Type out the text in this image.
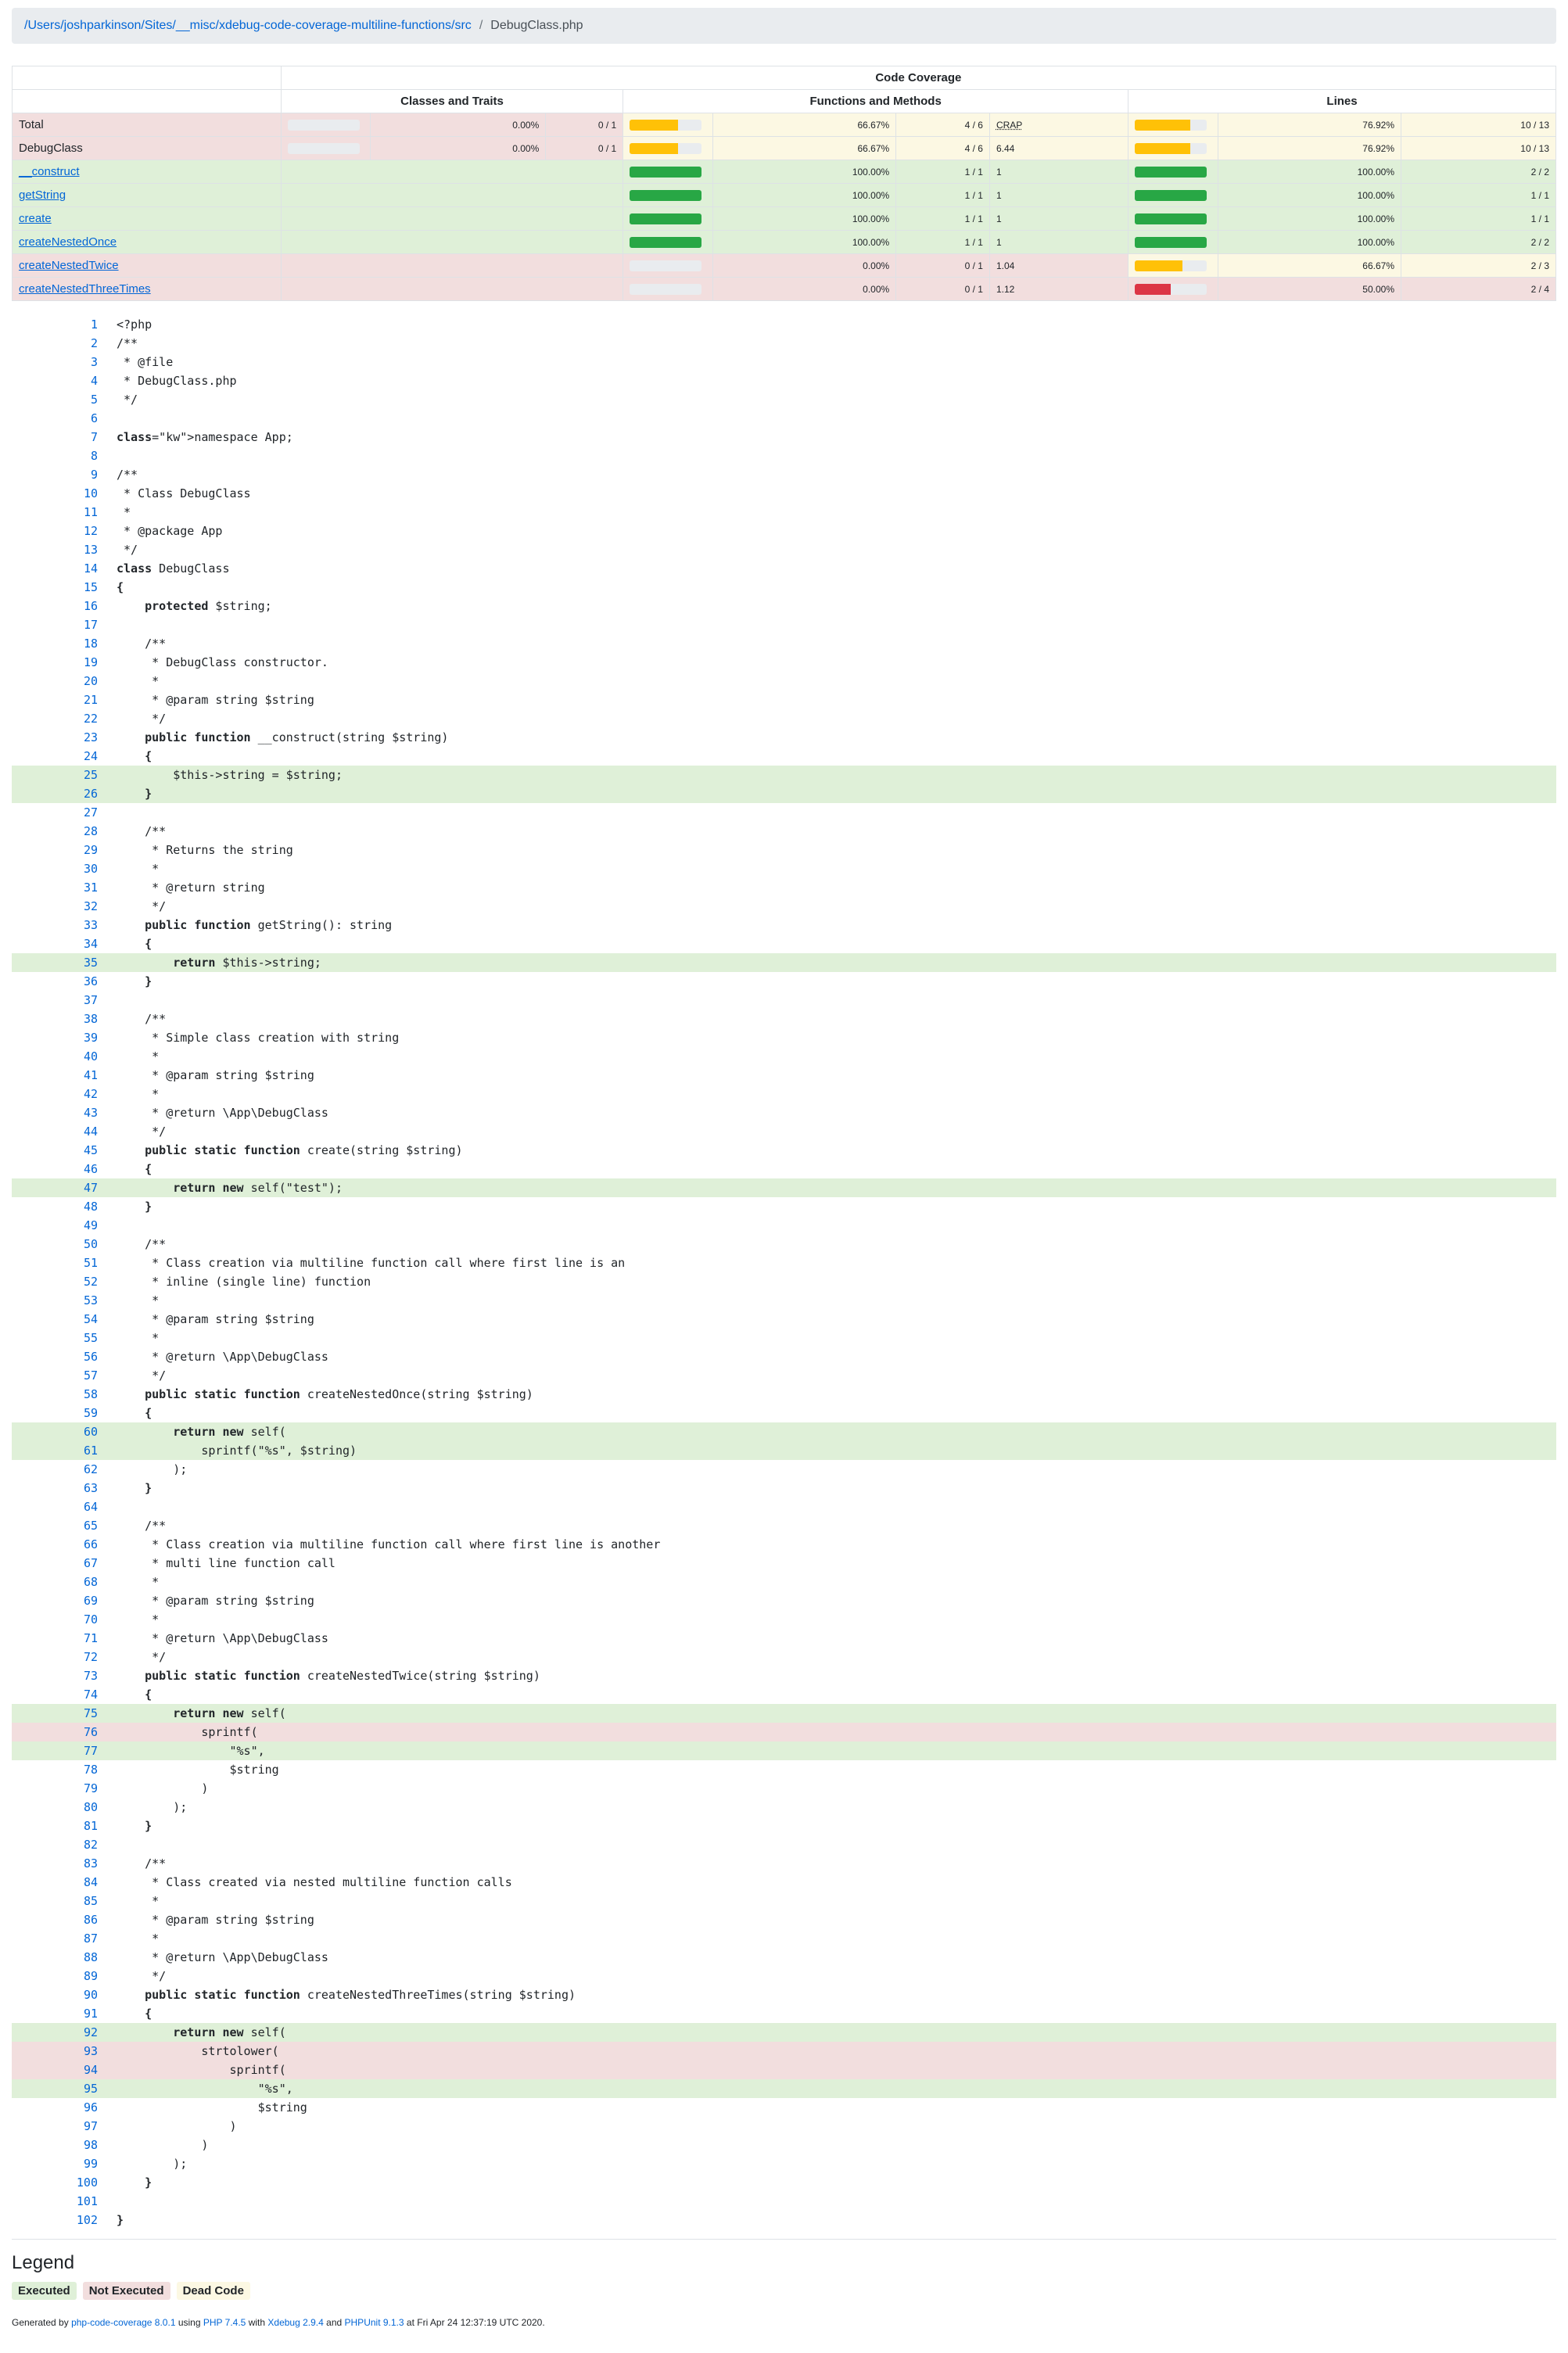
/Users/joshparkinson/Sites/__misc/xdebug-code-coverage-multiline-functions/src / DebugClass.php
	Code Coverage									
	Classes and Traits			Functions and Methods				Lines		
Total		0.00%	0 / 1		66.67%	4 / 6	CRAP		76.92%	10 / 13
DebugClass		0.00%	0 / 1		66.67%	4 / 6	6.44		76.92%	10 / 13
__construct					100.00%	1 / 1	1		100.00%	2 / 2
getString					100.00%	1 / 1	1		100.00%	1 / 1
create					100.00%	1 / 1	1		100.00%	1 / 1
createNestedOnce					100.00%	1 / 1	1		100.00%	2 / 2
createNestedTwice					0.00%	0 / 1	1.04		66.67%	2 / 3
createNestedThreeTimes					0.00%	0 / 1	1.12		50.00%	2 / 4
1	<?php
2	/**
3	* @file
4	* DebugClass.php
5	*/
6
7	class="kw">namespace App;
8
9	/**
10	* Class DebugClass
11	*
12	* @package App
13	*/
14	class DebugClass
15	{
16	protected $string;
17
18	/**
19	* DebugClass constructor.
20	*
21	* @param string $string
22	*/
23	public function __construct(string $string)
24	{
25	$this->string = $string;
26	}
27
28	/**
29	* Returns the string
30	*
31	* @return string
32	*/
33	public function getString(): string
34	{
35	return $this->string;
36	}
37
38	/**
39	* Simple class creation with string
40	*
41	* @param string $string
42	*
43	* @return \App\DebugClass
44	*/
45	public static function create(string $string)
46	{
47	return new self("test");
48	}
49
50	/**
51	* Class creation via multiline function call where first line is an
52	* inline (single line) function
53	*
54	* @param string $string
55	*
56	* @return \App\DebugClass
57	*/
58	public static function createNestedOnce(string $string)
59	{
60	return new self(
61	sprintf("%s", $string)
62	);
63	}
64
65	/**
66	* Class creation via multiline function call where first line is another
67	* multi line function call
68	*
69	* @param string $string
70	*
71	* @return \App\DebugClass
72	*/
73	public static function createNestedTwice(string $string)
74	{
75	return new self(
76	sprintf(
77	"%s",
78	$string
79	)
80	);
81	}
82
83	/**
84	* Class created via nested multiline function calls
85	*
86	* @param string $string
87	*
88	* @return \App\DebugClass
89	*/
90	public static function createNestedThreeTimes(string $string)
91	{
92	return new self(
93	strtolower(
94	sprintf(
95	"%s",
96	$string
97	)
98	)
99	);
100	}
101
102	}
Legend
Executed	Not Executed	Dead Code
Generated by php-code-coverage 8.0.1 using PHP 7.4.5 with Xdebug 2.9.4 and PHPUnit 9.1.3 at Fri Apr 24 12:37:19 UTC 2020.
